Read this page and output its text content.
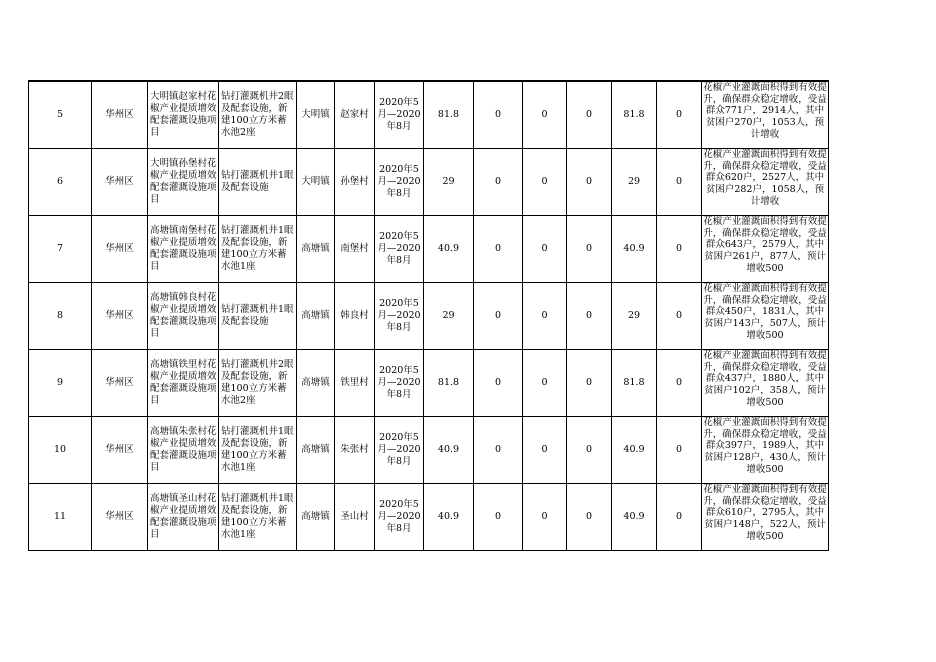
5	华州区	大明镇赵家村花椒产业提质增效配套灌溉设施项目	钻打灌溉机井2眼及配套设施，新建100立方米蓄水池2座	大明镇	赵家村	2020年5月—2020年8月	81.8	0	0	0	81.8	0	花椒产业灌溉面积得到有效提升，确保群众稳定增收，受益群众771户，2914人，其中贫困户270户，1053人，预计增收
6	华州区	大明镇孙堡村花椒产业提质增效配套灌溉设施项目	钻打灌溉机井1眼及配套设施	大明镇	孙堡村	2020年5月—2020年8月	29	0	0	0	29	0	花椒产业灌溉面积得到有效提升，确保群众稳定增收，受益群众620户，2527人，其中贫困户282户，1058人，预计增收
7	华州区	高塘镇南堡村花椒产业提质增效配套灌溉设施项目	钻打灌溉机井1眼及配套设施，新建100立方米蓄水池1座	高塘镇	南堡村	2020年5月—2020年8月	40.9	0	0	0	40.9	0	花椒产业灌溉面积得到有效提升，确保群众稳定增收，受益群众643户，2579人，其中贫困户261户，877人，预计增收500
8	华州区	高塘镇韩良村花椒产业提质增效配套灌溉设施项目	钻打灌溉机井1眼及配套设施	高塘镇	韩良村	2020年5月—2020年8月	29	0	0	0	29	0	花椒产业灌溉面积得到有效提升，确保群众稳定增收，受益群众450户，1831人，其中贫困户143户，507人，预计增收500
9	华州区	高塘镇铁里村花椒产业提质增效配套灌溉设施项目	钻打灌溉机井2眼及配套设施，新建100立方米蓄水池2座	高塘镇	铁里村	2020年5月—2020年8月	81.8	0	0	0	81.8	0	花椒产业灌溉面积得到有效提升，确保群众稳定增收，受益群众437户，1880人，其中贫困户102户，358人，预计增收500
10	华州区	高塘镇朱张村花椒产业提质增效配套灌溉设施项目	钻打灌溉机井1眼及配套设施，新建100立方米蓄水池1座	高塘镇	朱张村	2020年5月—2020年8月	40.9	0	0	0	40.9	0	花椒产业灌溉面积得到有效提升，确保群众稳定增收，受益群众397户，1989人，其中贫困户128户，430人，预计增收500
11	华州区	高塘镇圣山村花椒产业提质增效配套灌溉设施项目	钻打灌溉机井1眼及配套设施，新建100立方米蓄水池1座	高塘镇	圣山村	2020年5月—2020年8月	40.9	0	0	0	40.9	0	花椒产业灌溉面积得到有效提升，确保群众稳定增收，受益群众610户，2795人，其中贫困户148户，522人，预计增收500
